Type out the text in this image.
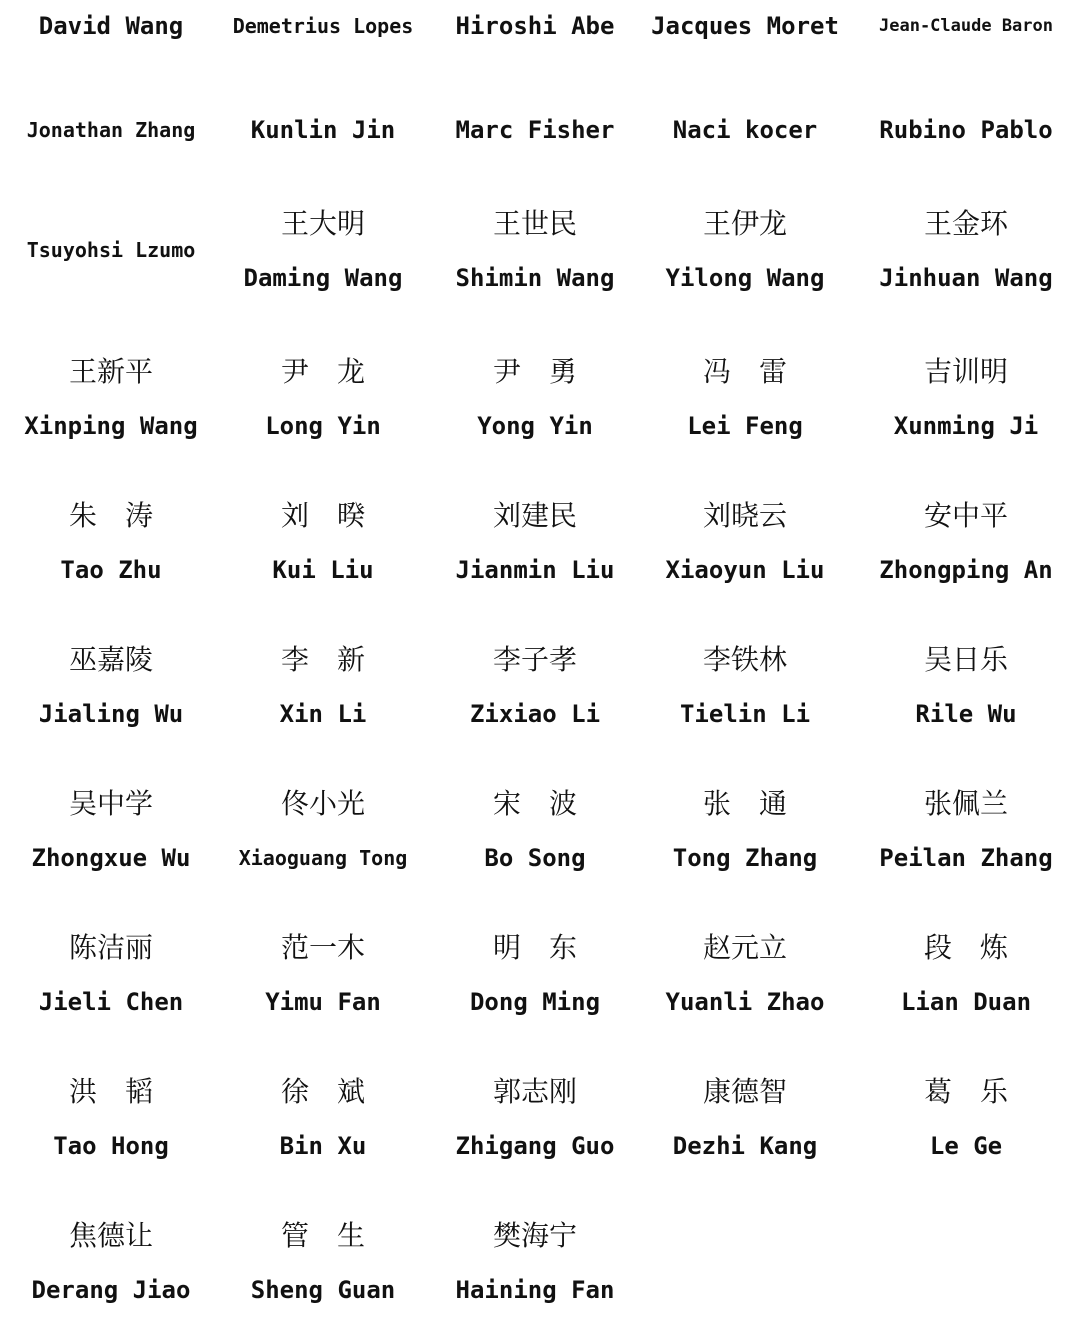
David Wang Demetrius Lopes Hiroshi Abe Jacques Moret Jean-Claude Baron
Jonathan Zhang Kunlin Jin	Marc Fisher Naci kocer	Rubino Pablo
Tsuyohsi Lzumo
王大明
Daming Wang
王世民
Shimin Wang
王伊龙
Yilong Wang
王金环
Jinhuan Wang
王新平
Xinping Wang
尹　龙
Long Yin
尹　勇
Yong Yin
冯　雷
Lei Feng
吉训明
Xunming Ji
朱　涛
Tao Zhu
刘　暌
Kui Liu
刘建民
Jianmin Liu
刘晓云
Xiaoyun Liu
安中平
Zhongping An
巫嘉陵
Jialing Wu
李　新
Xin Li
李子孝
Zixiao Li
李铁林
Tielin Li
吴日乐
Rile Wu
吴中学
Zhongxue Wu
佟小光
Xiaoguang Tong
宋　波
Bo Song
张　通
Tong Zhang
张佩兰
Peilan Zhang
陈洁丽
Jieli Chen
范一木
Yimu Fan
明　东
Dong Ming
赵元立
Yuanli Zhao
段　炼
Lian Duan
洪　韬
Tao Hong
徐　斌
Bin Xu
郭志刚
Zhigang Guo
康德智
Dezhi Kang
葛　乐
Le Ge
焦德让
Derang Jiao
管　生
Sheng Guan
樊海宁
Haining Fan
